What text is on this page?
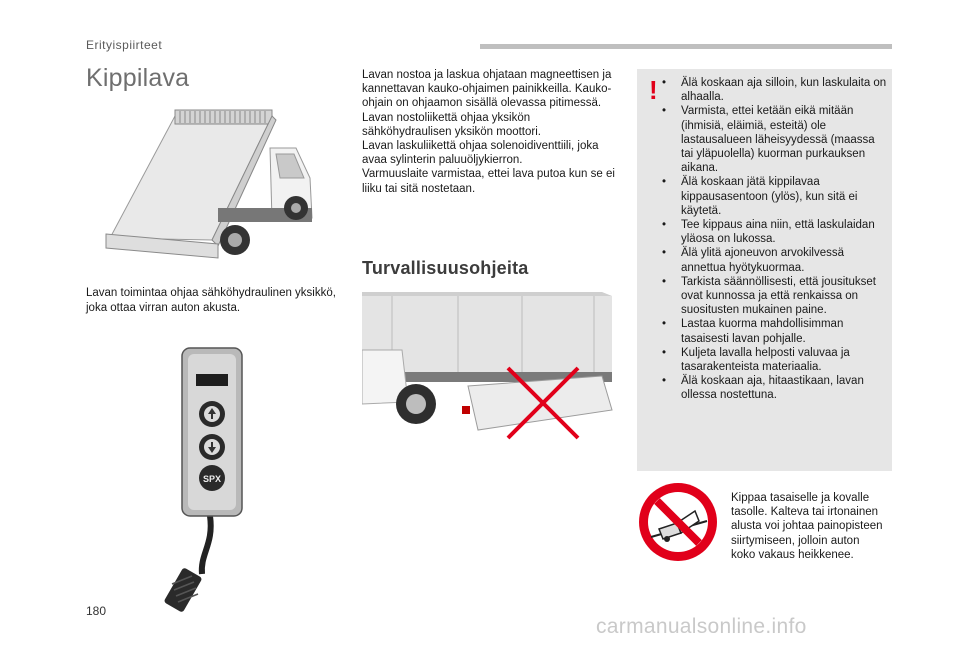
Erityispiirteet
Kippilava
Lavan toimintaa ohjaa sähköhydraulinen yksikkö, joka ottaa virran auton akusta.
SPX

Lavan nostoa ja laskua ohjataan magneettisen ja kannettavan kauko-ohjaimen painikkeilla. Kauko-ohjain on ohjaamon sisällä olevassa pitimessä.

Lavan nostoliikettä ohjaa yksikön sähköhydraulisen yksikön moottori.

Lavan laskuliikettä ohjaa solenoidiventtiili, joka avaa sylinterin paluuöljykierron.

Varmuuslaite varmistaa, ettei lava putoa kun se ei liiku tai sitä nostetaan.

Turvallisuusohjeita
!
•	Älä koskaan aja silloin, kun laskulaita on alhaalla.
• Varmista, ettei ketään eikä mitään (ihmisiä, eläimiä, esteitä) ole lastausalueen läheisyydessä (maassa tai yläpuolella) kuorman purkauksen aikana.
• Älä koskaan jätä kippilavaa kippausasentoon (ylös), kun sitä ei käytetä.
• Tee kippaus aina niin, että laskulaidan yläosa on lukossa.
• Älä ylitä ajoneuvon arvokilvessä annettua hyötykuormaa.
• Tarkista säännöllisesti, että jousitukset ovat kunnossa ja että renkaissa on suositusten mukainen paine.
• Lastaa kuorma mahdollisimman tasaisesti lavan pohjalle.
• Kuljeta lavalla helposti valuvaa ja tasarakenteista materiaalia.
• Älä koskaan aja, hitaastikaan, lavan ollessa nostettuna.
Kippaa tasaiselle ja kovalle tasolle. Kalteva tai irtonainen alusta voi johtaa painopisteen siirtymiseen, jolloin auton koko vakaus heikkenee.
180
carmanualsonline.info
